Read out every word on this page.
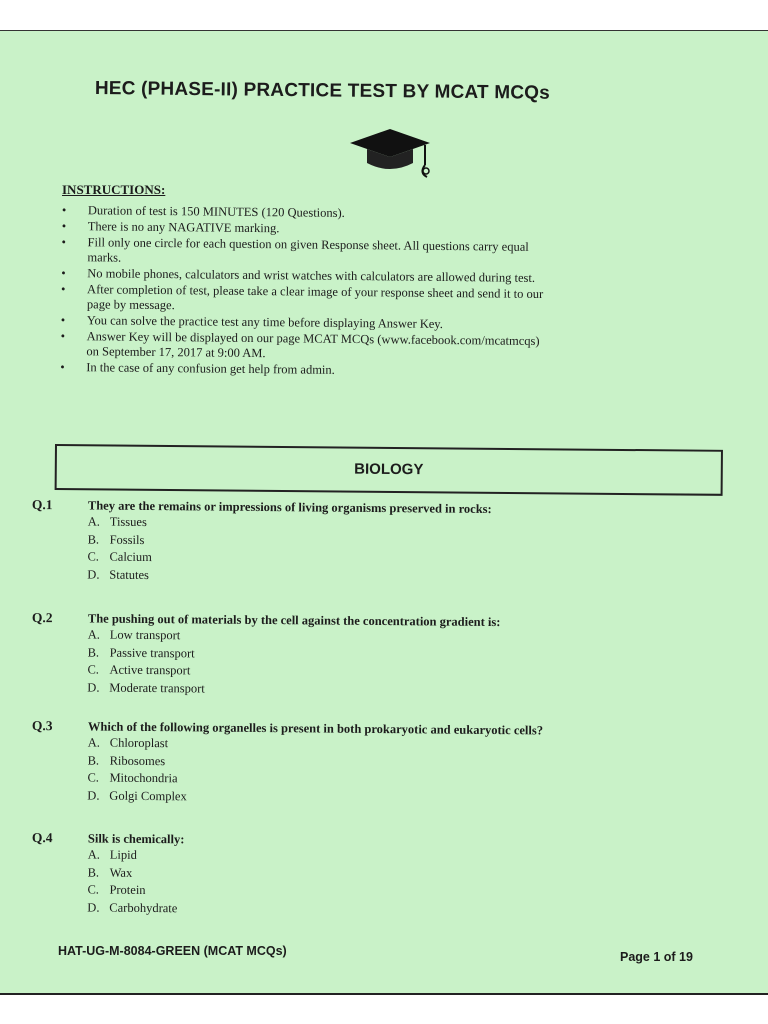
HEC (PHASE-II) PRACTICE TEST BY MCAT MCQs
INSTRUCTIONS:
•	Duration of test is 150 MINUTES (120 Questions).
•	There is no any NAGATIVE marking.
•	Fill only one circle for each question on given Response sheet. All questions carry equal
marks.
•	No mobile phones, calculators and wrist watches with calculators are allowed during test.
•	After completion of test, please take a clear image of your response sheet and send it to our
page by message.
•	You can solve the practice test any time before displaying Answer Key.
•	Answer Key will be displayed on our page MCAT MCQs (www.facebook.com/mcatmcqs)
on September 17, 2017 at 9:00 AM.
•	In the case of any confusion get help from admin.
BIOLOGY
Q.1	They are the remains or impressions of living organisms preserved in rocks:
A. Tissues
B. Fossils
C. Calcium
D. Statutes
Q.2	The pushing out of materials by the cell against the concentration gradient is:
A. Low transport
B. Passive transport
C. Active transport
D. Moderate transport
Q.3	Which of the following organelles is present in both prokaryotic and eukaryotic cells?
A. Chloroplast
B. Ribosomes
C. Mitochondria
D. Golgi Complex
Q.4	Silk is chemically:
A. Lipid
B. Wax
C. Protein
D. Carbohydrate
HAT-UG-M-8084-GREEN (MCAT MCQs)	Page 1 of 19
